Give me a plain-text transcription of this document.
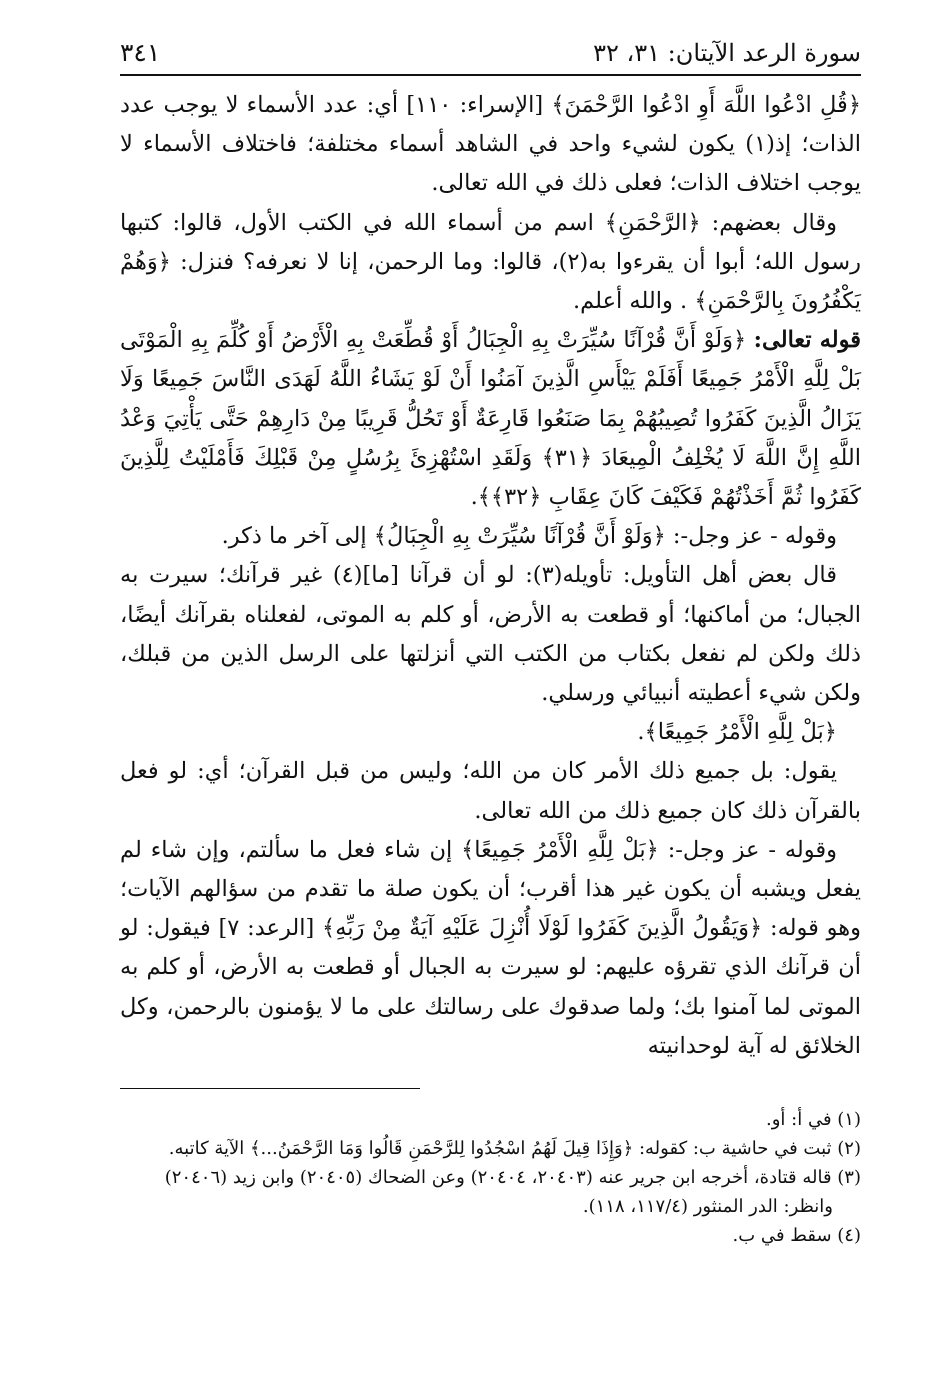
سورة الرعد الآيتان: ٣١، ٣٢
٣٤١

﴿قُلِ ادْعُوا اللَّهَ أَوِ ادْعُوا الرَّحْمَنَ﴾ [الإسراء: ١١٠] أي: عدد الأسماء لا يوجب عدد الذات؛ إذ(١) يكون لشيء واحد في الشاهد أسماء مختلفة؛ فاختلاف الأسماء لا يوجب اختلاف الذات؛ فعلى ذلك في الله تعالى.

وقال بعضهم: ﴿الرَّحْمَنِ﴾ اسم من أسماء الله في الكتب الأول، قالوا: كتبها رسول الله؛ أبوا أن يقرءوا به(٢)، قالوا: وما الرحمن، إنا لا نعرفه؟ فنزل: ﴿وَهُمْ يَكْفُرُونَ بِالرَّحْمَنِ﴾ . والله أعلم.

قوله تعالى: ﴿وَلَوْ أَنَّ قُرْآنًا سُيِّرَتْ بِهِ الْجِبَالُ أَوْ قُطِّعَتْ بِهِ الْأَرْضُ أَوْ كُلِّمَ بِهِ الْمَوْتَى بَلْ لِلَّهِ الْأَمْرُ جَمِيعًا أَفَلَمْ يَيْأَسِ الَّذِينَ آمَنُوا أَنْ لَوْ يَشَاءُ اللَّهُ لَهَدَى النَّاسَ جَمِيعًا وَلَا يَزَالُ الَّذِينَ كَفَرُوا تُصِيبُهُمْ بِمَا صَنَعُوا قَارِعَةٌ أَوْ تَحُلُّ قَرِيبًا مِنْ دَارِهِمْ حَتَّى يَأْتِيَ وَعْدُ اللَّهِ إِنَّ اللَّهَ لَا يُخْلِفُ الْمِيعَادَ ﴿٣١﴾ وَلَقَدِ اسْتُهْزِئَ بِرُسُلٍ مِنْ قَبْلِكَ فَأَمْلَيْتُ لِلَّذِينَ كَفَرُوا ثُمَّ أَخَذْتُهُمْ فَكَيْفَ كَانَ عِقَابِ ﴿٣٢﴾﴾.

وقوله - عز وجل-: ﴿وَلَوْ أَنَّ قُرْآنًا سُيِّرَتْ بِهِ الْجِبَالُ﴾ إلى آخر ما ذكر.

قال بعض أهل التأويل: تأويله(٣): لو أن قرآنا [ما](٤) غير قرآنك؛ سيرت به الجبال؛ من أماكنها؛ أو قطعت به الأرض، أو كلم به الموتى، لفعلناه بقرآنك أيضًا، ذلك ولكن لم نفعل بكتاب من الكتب التي أنزلتها على الرسل الذين من قبلك، ولكن شيء أعطيته أنبيائي ورسلي.

﴿بَلْ لِلَّهِ الْأَمْرُ جَمِيعًا﴾.

يقول: بل جميع ذلك الأمر كان من الله؛ وليس من قبل القرآن؛ أي: لو فعل بالقرآن ذلك كان جميع ذلك من الله تعالى.

وقوله - عز وجل-: ﴿بَلْ لِلَّهِ الْأَمْرُ جَمِيعًا﴾ إن شاء فعل ما سألتم، وإن شاء لم يفعل ويشبه أن يكون غير هذا أقرب؛ أن يكون صلة ما تقدم من سؤالهم الآيات؛ وهو قوله: ﴿وَيَقُولُ الَّذِينَ كَفَرُوا لَوْلَا أُنْزِلَ عَلَيْهِ آيَةٌ مِنْ رَبِّهِ﴾ [الرعد: ٧] فيقول: لو أن قرآنك الذي تقرؤه عليهم: لو سيرت به الجبال أو قطعت به الأرض، أو كلم به الموتى لما آمنوا بك؛ ولما صدقوك على رسالتك على ما لا يؤمنون بالرحمن، وكل الخلائق له آية لوحدانيته

(١) في أ: أو.

(٢) ثبت في حاشية ب: كقوله: ﴿وَإِذَا قِيلَ لَهُمُ اسْجُدُوا لِلرَّحْمَنِ قَالُوا وَمَا الرَّحْمَنُ...﴾ الآية كاتبه.

(٣) قاله قتادة، أخرجه ابن جرير عنه (٢٠٤٠٣، ٢٠٤٠٤) وعن الضحاك (٢٠٤٠٥) وابن زيد (٢٠٤٠٦)

وانظر: الدر المنثور (١١٧/٤، ١١٨).

(٤) سقط في ب.
